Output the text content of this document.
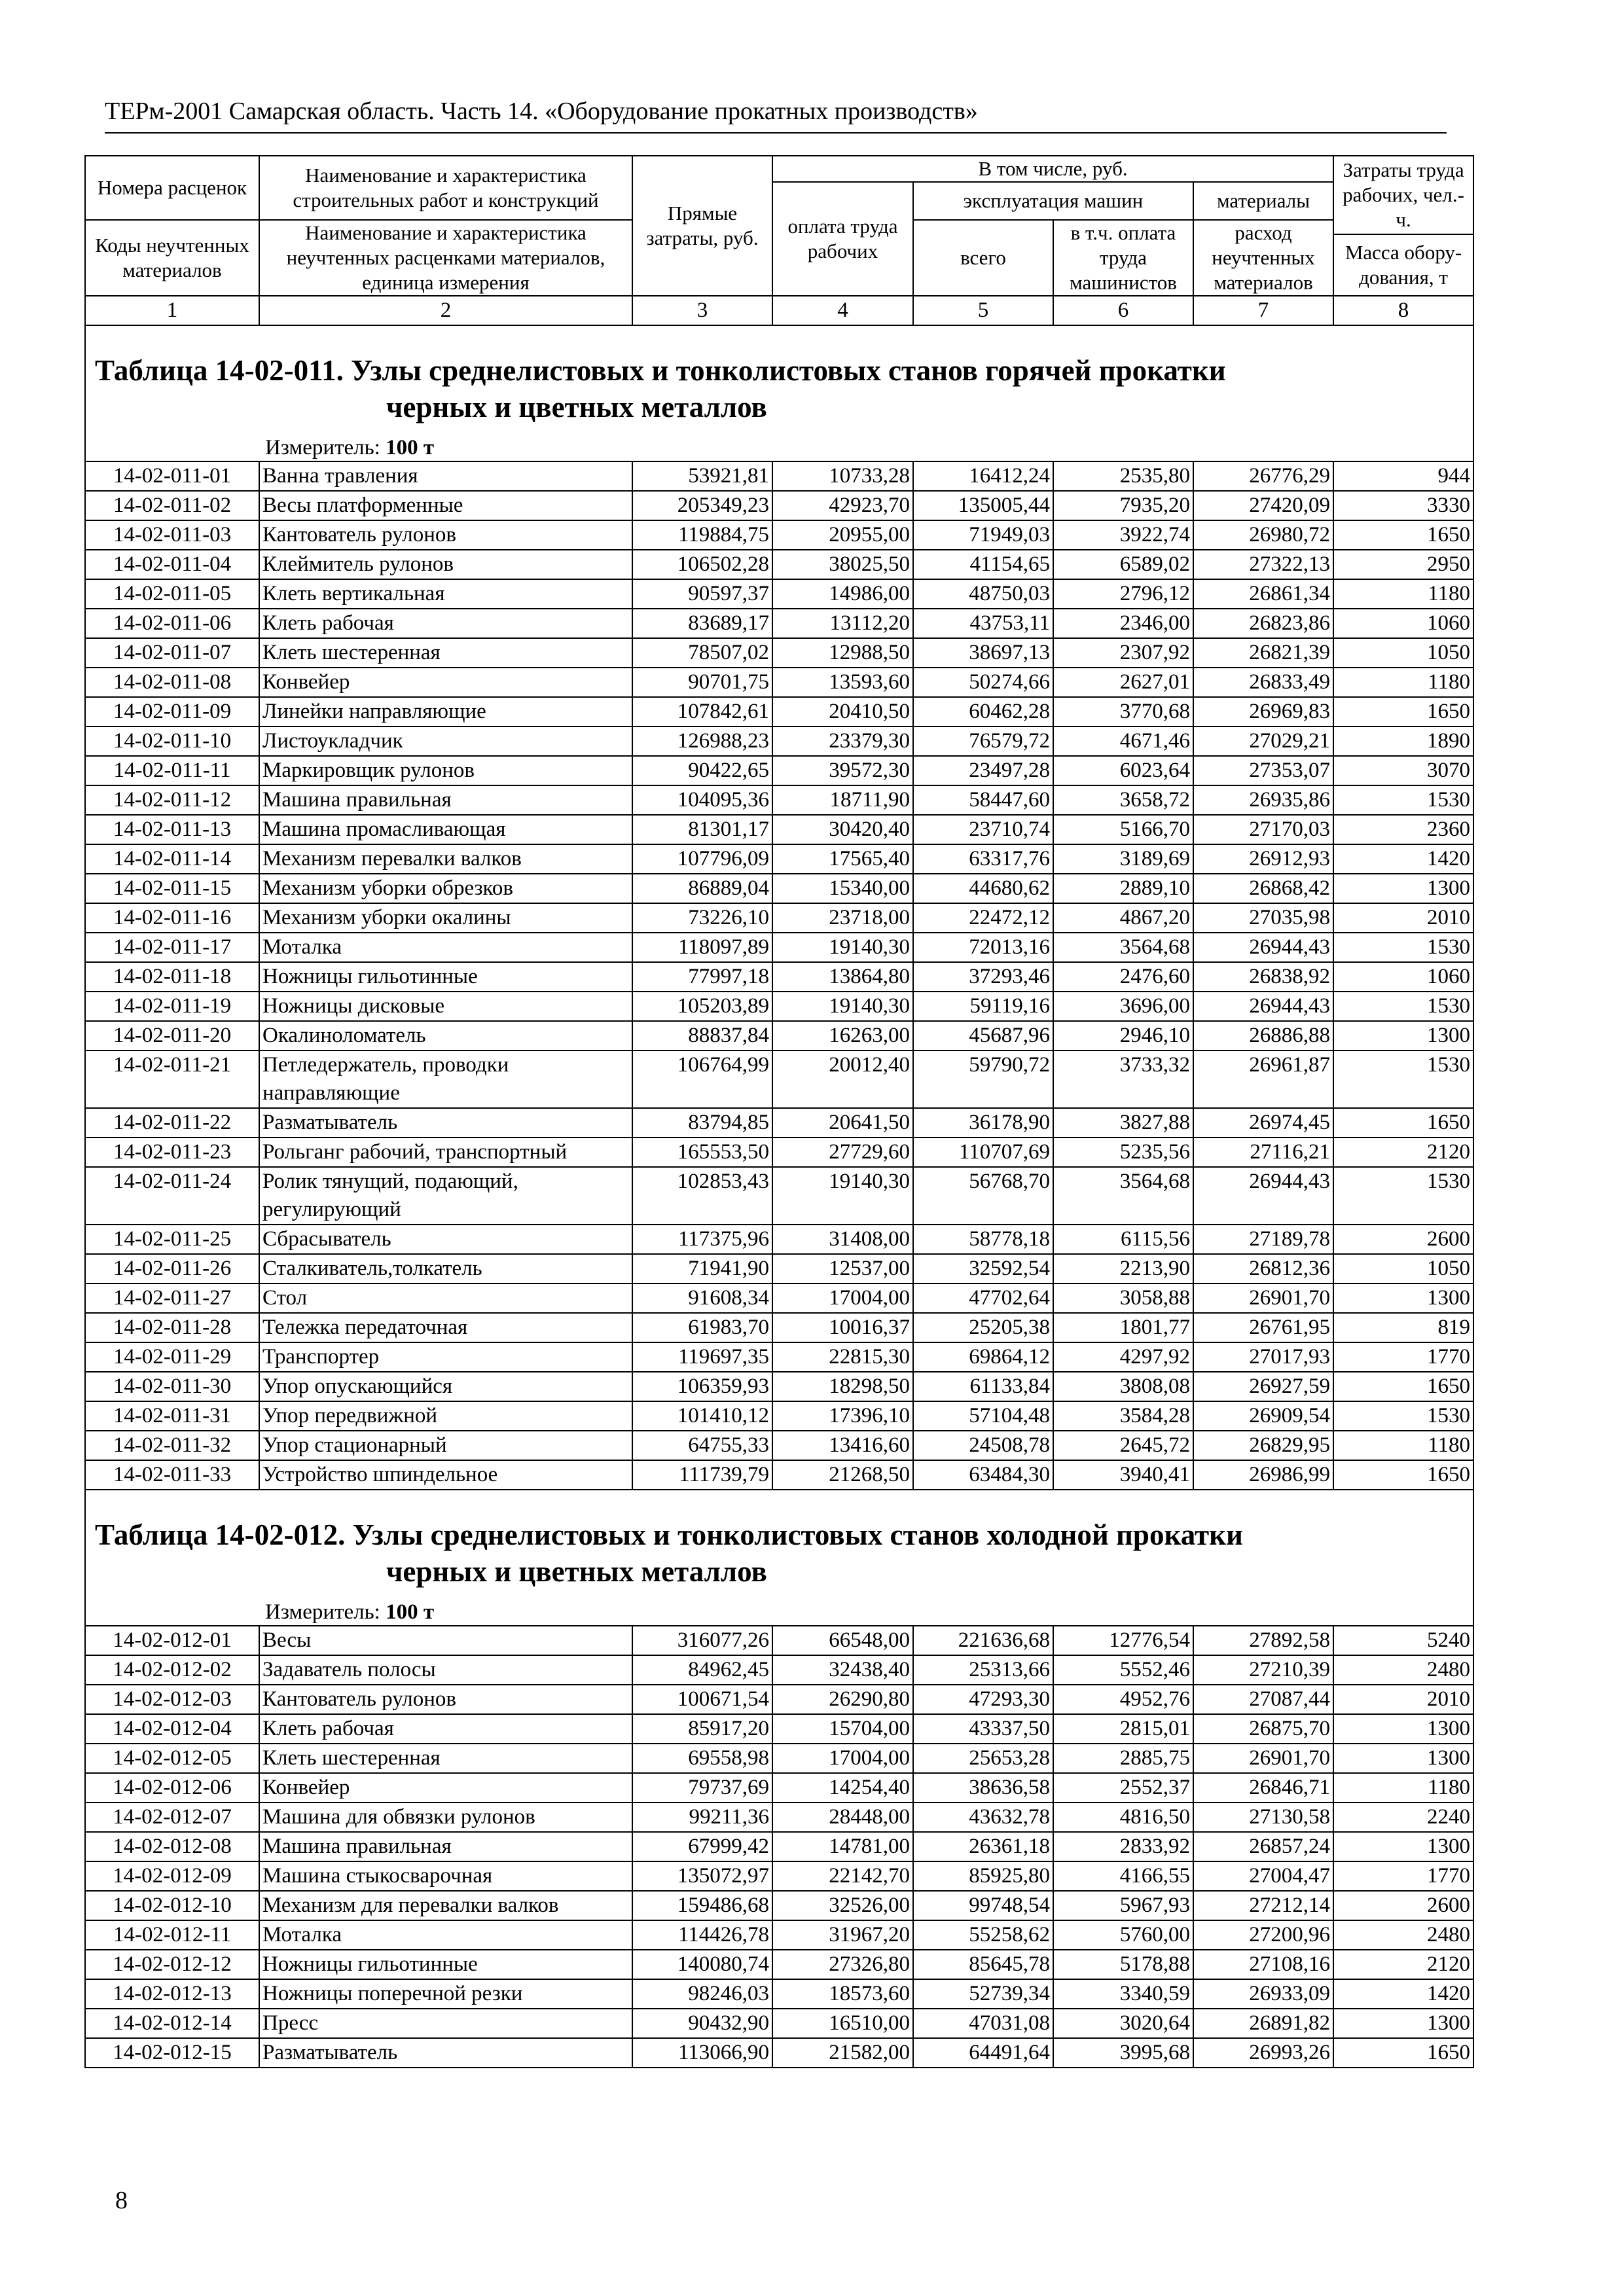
ТЕРм-2001 Самарская область. Часть 14. «Оборудование прокатных производств»
Номера расценок	Наименование и характеристика строительных работ и конструкций	Прямые затраты, руб.	В том числе, руб.				Затраты труда рабочих, чел.-ч.
			оплата труда рабочих	эксплуатация машин		материалы	
Коды неучтенных материалов	Наименование и характеристика неучтенных расценками материалов, единица измерения			всего	в т.ч. оплата труда машинистов	расход неучтенных материалов	
							Масса обору-дования, т
1	2	3	4	5	6	7	8

Таблица 14-02-011. Узлы среднелистовых и тонколистовых станов горячей прокатки
черных и цветных металлов
Измеритель: 100 т							

14-02-011-01	Ванна травления	53921,81	10733,28	16412,24	2535,80	26776,29	944
14-02-011-02	Весы платформенные	205349,23	42923,70	135005,44	7935,20	27420,09	3330
14-02-011-03	Кантователь рулонов	119884,75	20955,00	71949,03	3922,74	26980,72	1650
14-02-011-04	Клеймитель рулонов	106502,28	38025,50	41154,65	6589,02	27322,13	2950
14-02-011-05	Клеть вертикальная	90597,37	14986,00	48750,03	2796,12	26861,34	1180
14-02-011-06	Клеть рабочая	83689,17	13112,20	43753,11	2346,00	26823,86	1060
14-02-011-07	Клеть шестеренная	78507,02	12988,50	38697,13	2307,92	26821,39	1050
14-02-011-08	Конвейер	90701,75	13593,60	50274,66	2627,01	26833,49	1180
14-02-011-09	Линейки направляющие	107842,61	20410,50	60462,28	3770,68	26969,83	1650
14-02-011-10	Листоукладчик	126988,23	23379,30	76579,72	4671,46	27029,21	1890
14-02-011-11	Маркировщик рулонов	90422,65	39572,30	23497,28	6023,64	27353,07	3070
14-02-011-12	Машина правильная	104095,36	18711,90	58447,60	3658,72	26935,86	1530
14-02-011-13	Машина промасливающая	81301,17	30420,40	23710,74	5166,70	27170,03	2360
14-02-011-14	Механизм перевалки валков	107796,09	17565,40	63317,76	3189,69	26912,93	1420
14-02-011-15	Механизм уборки обрезков	86889,04	15340,00	44680,62	2889,10	26868,42	1300
14-02-011-16	Механизм уборки окалины	73226,10	23718,00	22472,12	4867,20	27035,98	2010
14-02-011-17	Моталка	118097,89	19140,30	72013,16	3564,68	26944,43	1530
14-02-011-18	Ножницы гильотинные	77997,18	13864,80	37293,46	2476,60	26838,92	1060
14-02-011-19	Ножницы дисковые	105203,89	19140,30	59119,16	3696,00	26944,43	1530
14-02-011-20	Окалиноломатель	88837,84	16263,00	45687,96	2946,10	26886,88	1300
14-02-011-21	Петледержатель, проводки направляющие	106764,99	20012,40	59790,72	3733,32	26961,87	1530
14-02-011-22	Разматыватель	83794,85	20641,50	36178,90	3827,88	26974,45	1650
14-02-011-23	Рольганг рабочий, транспортный	165553,50	27729,60	110707,69	5235,56	27116,21	2120
14-02-011-24	Ролик тянущий, подающий, регулирующий	102853,43	19140,30	56768,70	3564,68	26944,43	1530
14-02-011-25	Сбрасыватель	117375,96	31408,00	58778,18	6115,56	27189,78	2600
14-02-011-26	Сталкиватель,толкатель	71941,90	12537,00	32592,54	2213,90	26812,36	1050
14-02-011-27	Стол	91608,34	17004,00	47702,64	3058,88	26901,70	1300
14-02-011-28	Тележка передаточная	61983,70	10016,37	25205,38	1801,77	26761,95	819
14-02-011-29	Транспортер	119697,35	22815,30	69864,12	4297,92	27017,93	1770
14-02-011-30	Упор опускающийся	106359,93	18298,50	61133,84	3808,08	26927,59	1650
14-02-011-31	Упор передвижной	101410,12	17396,10	57104,48	3584,28	26909,54	1530
14-02-011-32	Упор стационарный	64755,33	13416,60	24508,78	2645,72	26829,95	1180
14-02-011-33	Устройство шпиндельное	111739,79	21268,50	63484,30	3940,41	26986,99	1650

Таблица 14-02-012. Узлы среднелистовых и тонколистовых станов холодной прокатки
черных и цветных металлов
Измеритель: 100 т							

14-02-012-01	Весы	316077,26	66548,00	221636,68	12776,54	27892,58	5240
14-02-012-02	Задаватель полосы	84962,45	32438,40	25313,66	5552,46	27210,39	2480
14-02-012-03	Кантователь рулонов	100671,54	26290,80	47293,30	4952,76	27087,44	2010
14-02-012-04	Клеть рабочая	85917,20	15704,00	43337,50	2815,01	26875,70	1300
14-02-012-05	Клеть шестеренная	69558,98	17004,00	25653,28	2885,75	26901,70	1300
14-02-012-06	Конвейер	79737,69	14254,40	38636,58	2552,37	26846,71	1180
14-02-012-07	Машина для обвязки рулонов	99211,36	28448,00	43632,78	4816,50	27130,58	2240
14-02-012-08	Машина правильная	67999,42	14781,00	26361,18	2833,92	26857,24	1300
14-02-012-09	Машина стыкосварочная	135072,97	22142,70	85925,80	4166,55	27004,47	1770
14-02-012-10	Механизм для перевалки валков	159486,68	32526,00	99748,54	5967,93	27212,14	2600
14-02-012-11	Моталка	114426,78	31967,20	55258,62	5760,00	27200,96	2480
14-02-012-12	Ножницы гильотинные	140080,74	27326,80	85645,78	5178,88	27108,16	2120
14-02-012-13	Ножницы поперечной резки	98246,03	18573,60	52739,34	3340,59	26933,09	1420
14-02-012-14	Пресс	90432,90	16510,00	47031,08	3020,64	26891,82	1300
14-02-012-15	Разматыватель	113066,90	21582,00	64491,64	3995,68	26993,26	1650
8
